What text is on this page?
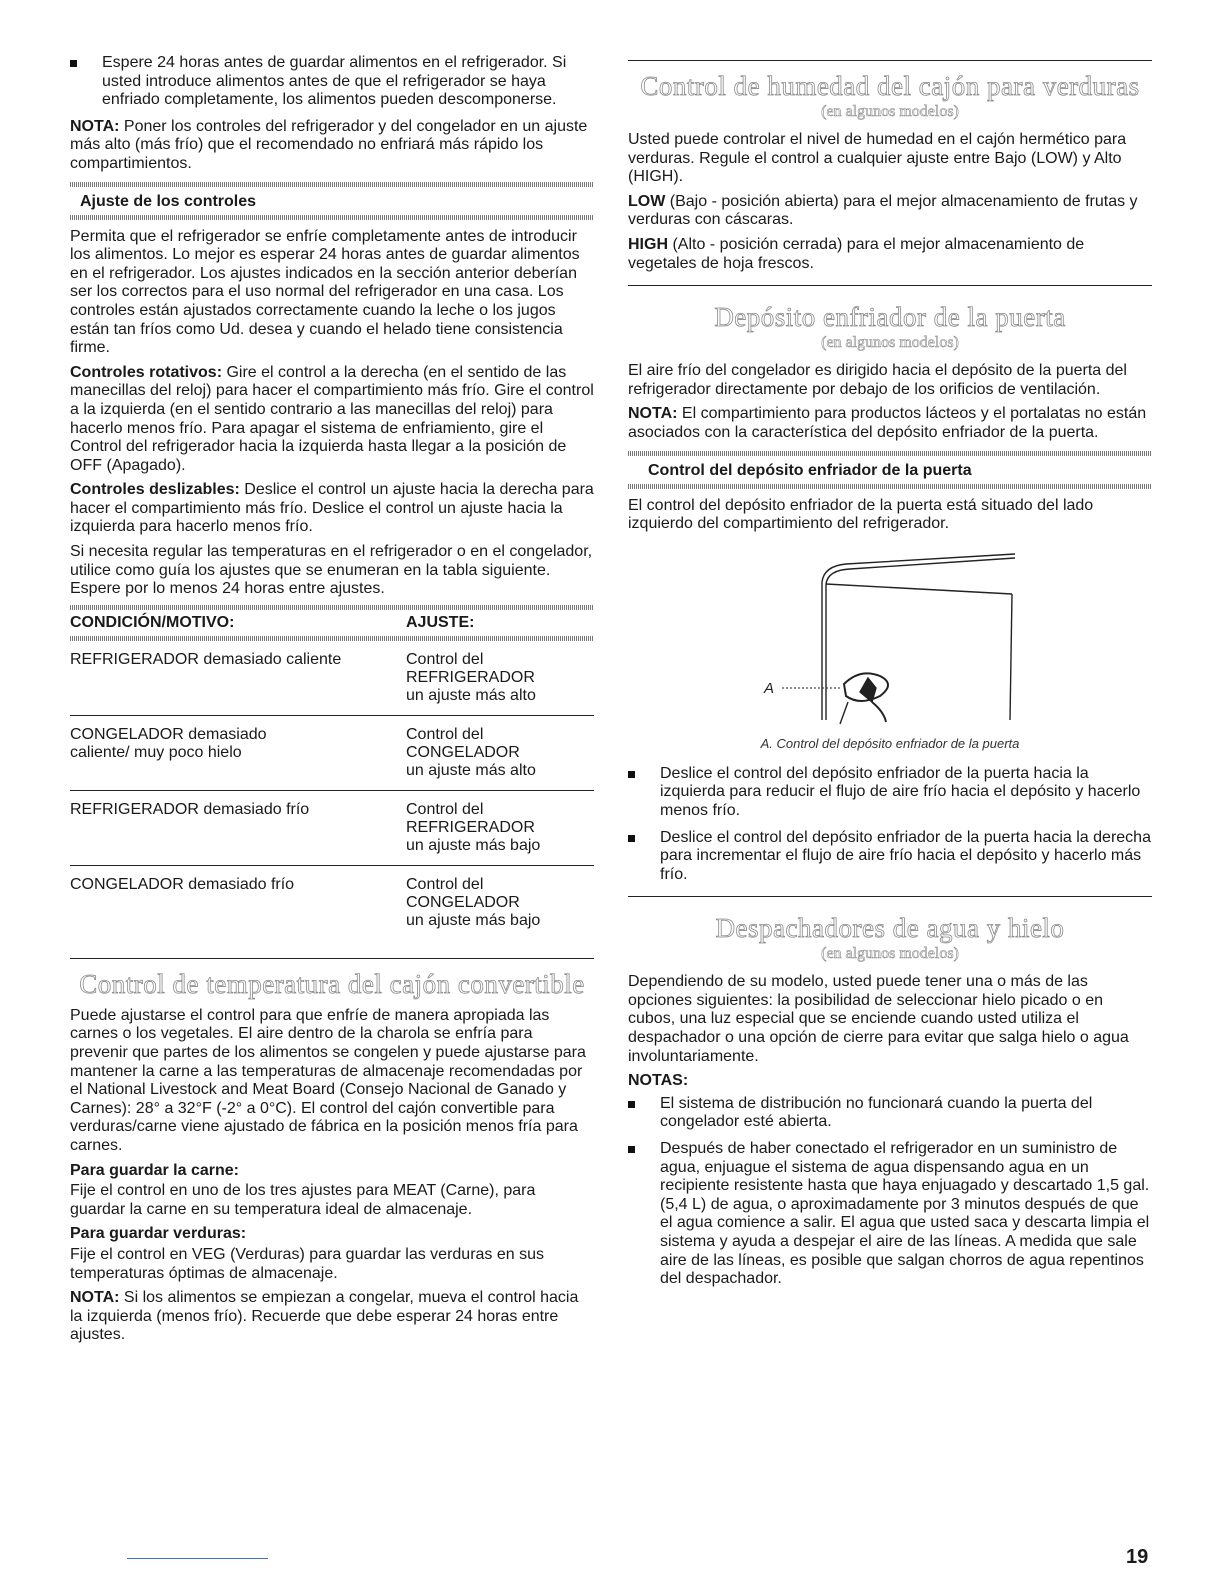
Espere 24 horas antes de guardar alimentos en el refrigerador. Si usted introduce alimentos antes de que el refrigerador se haya enfriado completamente, los alimentos pueden descomponerse.

NOTA: Poner los controles del refrigerador y del congelador en un ajuste más alto (más frío) que el recomendado no enfriará más rápido los compartimientos.

Ajuste de los controles

Permita que el refrigerador se enfríe completamente antes de introducir los alimentos. Lo mejor es esperar 24 horas antes de guardar alimentos en el refrigerador. Los ajustes indicados en la sección anterior deberían ser los correctos para el uso normal del refrigerador en una casa. Los controles están ajustados correctamente cuando la leche o los jugos están tan fríos como Ud. desea y cuando el helado tiene consistencia firme.

Controles rotativos: Gire el control a la derecha (en el sentido de las manecillas del reloj) para hacer el compartimiento más frío. Gire el control a la izquierda (en el sentido contrario a las manecillas del reloj) para hacerlo menos frío. Para apagar el sistema de enfriamiento, gire el Control del refrigerador hacia la izquierda hasta llegar a la posición de OFF (Apagado).

Controles deslizables: Deslice el control un ajuste hacia la derecha para hacer el compartimiento más frío. Deslice el control un ajuste hacia la izquierda para hacerlo menos frío.

Si necesita regular las temperaturas en el refrigerador o en el congelador, utilice como guía los ajustes que se enumeran en la tabla siguiente. Espere por lo menos 24 horas entre ajustes.

CONDICIÓN/MOTIVO:	AJUSTE:

REFRIGERADOR demasiado caliente	Control del
REFRIGERADOR
un ajuste más alto

CONGELADOR demasiado caliente/ muy poco hielo	Control del
CONGELADOR
un ajuste más alto

REFRIGERADOR demasiado frío	Control del
REFRIGERADOR
un ajuste más bajo

CONGELADOR demasiado frío	Control del
CONGELADOR
un ajuste más bajo
Control de temperatura del cajón convertible

Puede ajustarse el control para que enfríe de manera apropiada las carnes o los vegetales. El aire dentro de la charola se enfría para prevenir que partes de los alimentos se congelen y puede ajustarse para mantener la carne a las temperaturas de almacenaje recomendadas por el National Livestock and Meat Board (Consejo Nacional de Ganado y Carnes): 28° a 32°F (-2° a 0°C). El control del cajón convertible para verduras/carne viene ajustado de fábrica en la posición menos fría para carnes.

Para guardar la carne:

Fije el control en uno de los tres ajustes para MEAT (Carne), para guardar la carne en su temperatura ideal de almacenaje.

Para guardar verduras:

Fije el control en VEG (Verduras) para guardar las verduras en sus temperaturas óptimas de almacenaje.

NOTA: Si los alimentos se empiezan a congelar, mueva el control hacia la izquierda (menos frío). Recuerde que debe esperar 24 horas entre ajustes.

Control de humedad del cajón para verduras
(en algunos modelos)

Usted puede controlar el nivel de humedad en el cajón hermético para verduras. Regule el control a cualquier ajuste entre Bajo (LOW) y Alto (HIGH).

LOW (Bajo - posición abierta) para el mejor almacenamiento de frutas y verduras con cáscaras.

HIGH (Alto - posición cerrada) para el mejor almacenamiento de vegetales de hoja frescos.

Depósito enfriador de la puerta
(en algunos modelos)

El aire frío del congelador es dirigido hacia el depósito de la puerta del refrigerador directamente por debajo de los orificios de ventilación.

NOTA: El compartimiento para productos lácteos y el portalatas no están asociados con la característica del depósito enfriador de la puerta.

Control del depósito enfriador de la puerta

El control del depósito enfriador de la puerta está situado del lado izquierdo del compartimiento del refrigerador.

A
A. Control del depósito enfriador de la puerta
Deslice el control del depósito enfriador de la puerta hacia la izquierda para reducir el flujo de aire frío hacia el depósito y hacerlo menos frío.
Deslice el control del depósito enfriador de la puerta hacia la derecha para incrementar el flujo de aire frío hacia el depósito y hacerlo más frío.
Despachadores de agua y hielo
(en algunos modelos)

Dependiendo de su modelo, usted puede tener una o más de las opciones siguientes: la posibilidad de seleccionar hielo picado o en cubos, una luz especial que se enciende cuando usted utiliza el despachador o una opción de cierre para evitar que salga hielo o agua involuntariamente.

NOTAS:

El sistema de distribución no funcionará cuando la puerta del congelador esté abierta.
Después de haber conectado el refrigerador en un suministro de agua, enjuague el sistema de agua dispensando agua en un recipiente resistente hasta que haya enjuagado y descartado 1,5 gal. (5,4 L) de agua, o aproximadamente por 3 minutos después de que el agua comience a salir. El agua que usted saca y descarta limpia el sistema y ayuda a despejar el aire de las líneas. A medida que sale aire de las líneas, es posible que salgan chorros de agua repentinos del despachador.
19
